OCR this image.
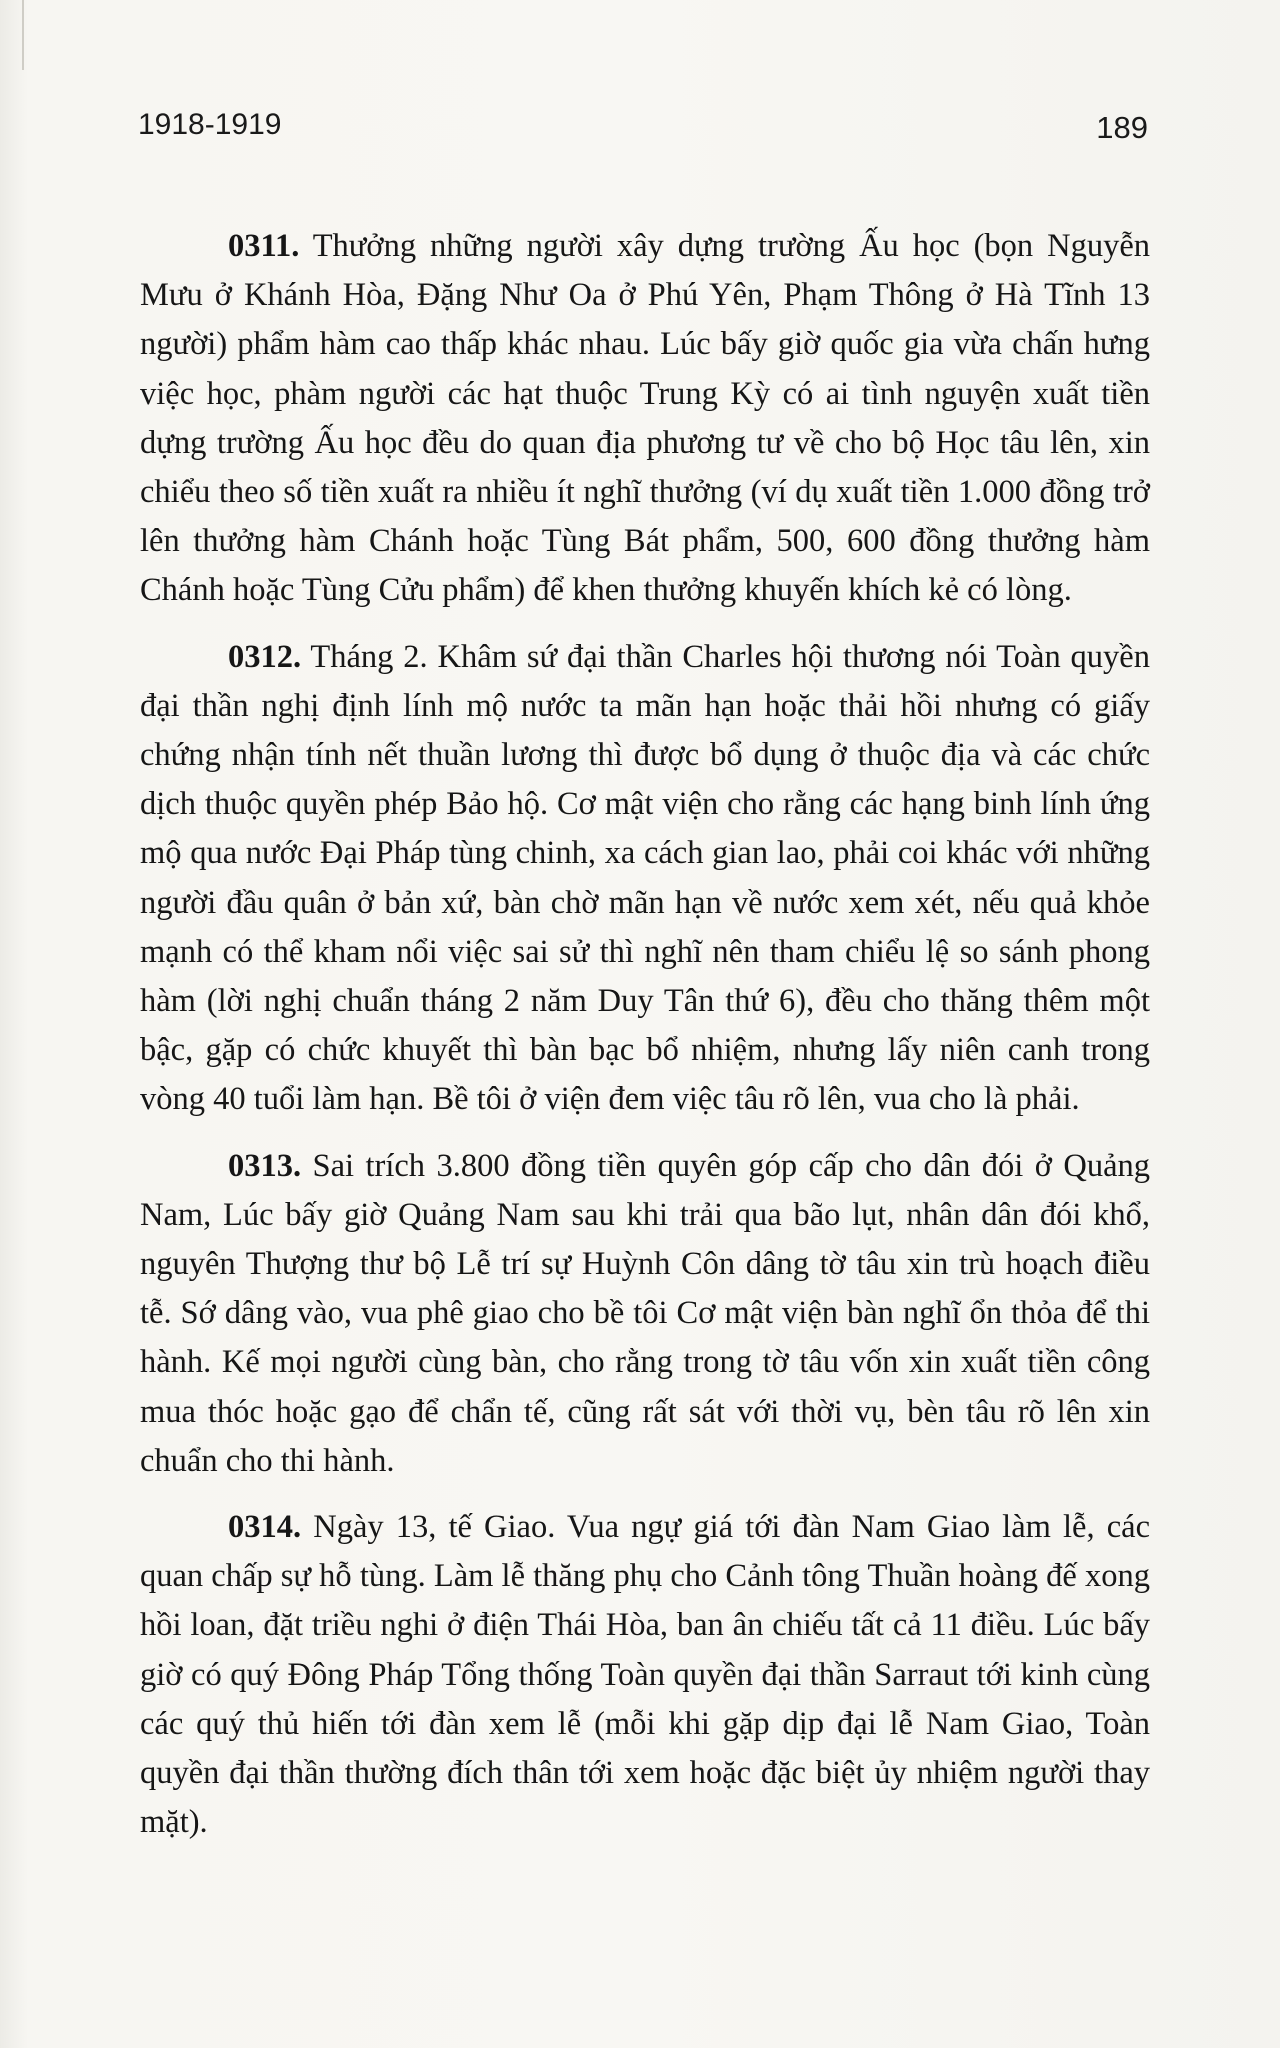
1918-1919	189

0311. Thưởng những người xây dựng trường Ấu học (bọn Nguyễn Mưu ở Khánh Hòa, Đặng Như Oa ở Phú Yên, Phạm Thông ở Hà Tĩnh 13 người) phẩm hàm cao thấp khác nhau. Lúc bấy giờ quốc gia vừa chấn hưng việc học, phàm người các hạt thuộc Trung Kỳ có ai tình nguyện xuất tiền dựng trường Ấu học đều do quan địa phương tư về cho bộ Học tâu lên, xin chiểu theo số tiền xuất ra nhiều ít nghĩ thưởng (ví dụ xuất tiền 1.000 đồng trở lên thưởng hàm Chánh hoặc Tùng Bát phẩm, 500, 600 đồng thưởng hàm Chánh hoặc Tùng Cửu phẩm) để khen thưởng khuyến khích kẻ có lòng.

0312. Tháng 2. Khâm sứ đại thần Charles hội thương nói Toàn quyền đại thần nghị định lính mộ nước ta mãn hạn hoặc thải hồi nhưng có giấy chứng nhận tính nết thuần lương thì được bổ dụng ở thuộc địa và các chức dịch thuộc quyền phép Bảo hộ. Cơ mật viện cho rằng các hạng binh lính ứng mộ qua nước Đại Pháp tùng chinh, xa cách gian lao, phải coi khác với những người đầu quân ở bản xứ, bàn chờ mãn hạn về nước xem xét, nếu quả khỏe mạnh có thể kham nổi việc sai sử thì nghĩ nên tham chiểu lệ so sánh phong hàm (lời nghị chuẩn tháng 2 năm Duy Tân thứ 6), đều cho thăng thêm một bậc, gặp có chức khuyết thì bàn bạc bổ nhiệm, nhưng lấy niên canh trong vòng 40 tuổi làm hạn. Bề tôi ở viện đem việc tâu rõ lên, vua cho là phải.

0313. Sai trích 3.800 đồng tiền quyên góp cấp cho dân đói ở Quảng Nam, Lúc bấy giờ Quảng Nam sau khi trải qua bão lụt, nhân dân đói khổ, nguyên Thượng thư bộ Lễ trí sự Huỳnh Côn dâng tờ tâu xin trù hoạch điều tễ. Sớ dâng vào, vua phê giao cho bề tôi Cơ mật viện bàn nghĩ ổn thỏa để thi hành. Kế mọi người cùng bàn, cho rằng trong tờ tâu vốn xin xuất tiền công mua thóc hoặc gạo để chẩn tế, cũng rất sát với thời vụ, bèn tâu rõ lên xin chuẩn cho thi hành.

0314. Ngày 13, tế Giao. Vua ngự giá tới đàn Nam Giao làm lễ, các quan chấp sự hỗ tùng. Làm lễ thăng phụ cho Cảnh tông Thuần hoàng đế xong hồi loan, đặt triều nghi ở điện Thái Hòa, ban ân chiếu tất cả 11 điều. Lúc bấy giờ có quý Đông Pháp Tổng thống Toàn quyền đại thần Sarraut tới kinh cùng các quý thủ hiến tới đàn xem lễ (mỗi khi gặp dịp đại lễ Nam Giao, Toàn quyền đại thần thường đích thân tới xem hoặc đặc biệt ủy nhiệm người thay mặt).
